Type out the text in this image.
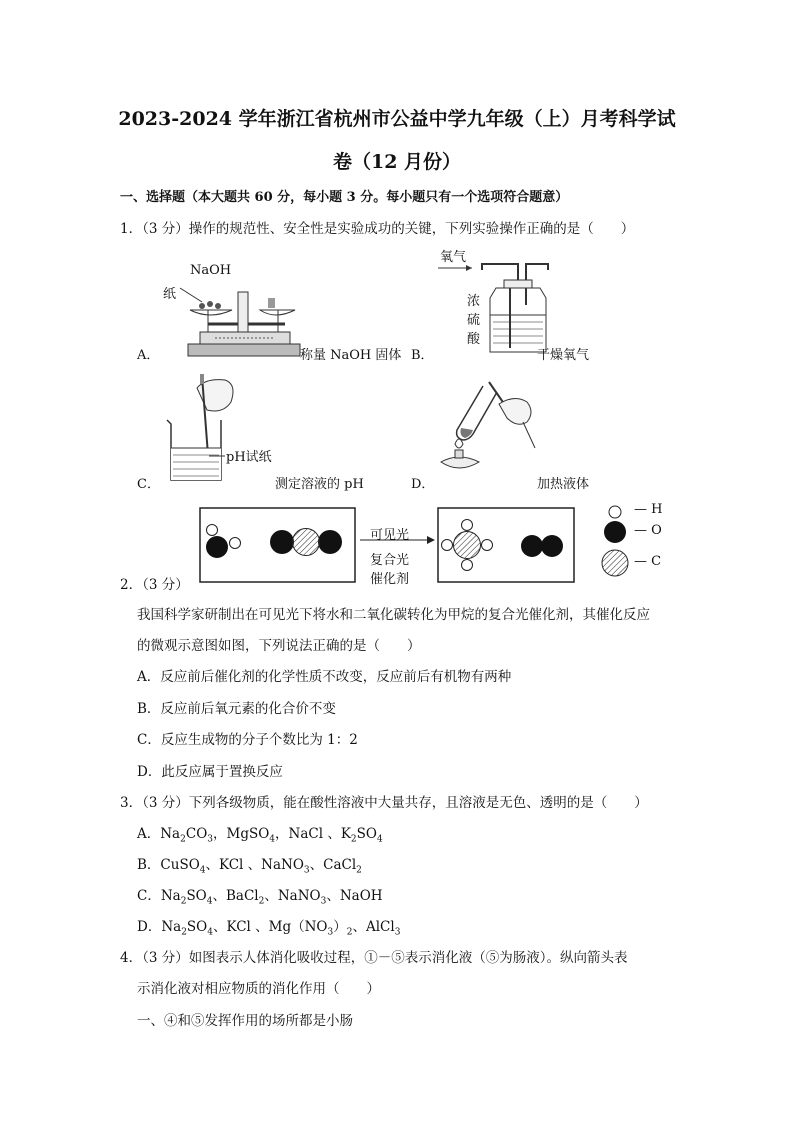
2023-2024 学年浙江省杭州市公益中学九年级（上）月考科学试
卷（12 月份）
一、选择题（本大题共 60 分，每小题 3 分。每小题只有一个选项符合题意）
1．（3 分）操作的规范性、安全性是实验成功的关键，下列实验操作正确的是（　　）
A．
NaOH
纸
称量 NaOH 固体 B．
氧气
浓
硫
酸
干燥氧气
C．
pH试纸
测定溶液的 pH	D．	加热液体
可见光
复合光
催化剂
— H
— O
— C
2．（3 分）
我国科学家研制出在可见光下将水和二氧化碳转化为甲烷的复合光催化剂，其催化反应
的微观示意图如图，下列说法正确的是（　　）
A．反应前后催化剂的化学性质不改变，反应前后有机物有两种
B．反应前后氧元素的化合价不变
C．反应生成物的分子个数比为 1：2
D．此反应属于置换反应
3．（3 分）下列各级物质，能在酸性溶液中大量共存，且溶液是无色、透明的是（　　）
A．$Na_2CO_3$，MgSO$_4$，NaCl 、$K_2SO_4$
B．CuSO$_4$、KCl 、NaNO$_3$、CaCl$_2$
C．$Na_2SO_4$、BaCl$_2$、NaNO$_3$、NaOH
D．$Na_2SO_4$、KCl 、$Mg(NO_3)_2$、AlCl$_3$
4．（3 分）如图表示人体消化吸收过程，①－⑤表示消化液（⑤为肠液）。纵向箭头表
示消化液对相应物质的消化作用（　　）
一、④和⑤发挥作用的场所都是小肠
